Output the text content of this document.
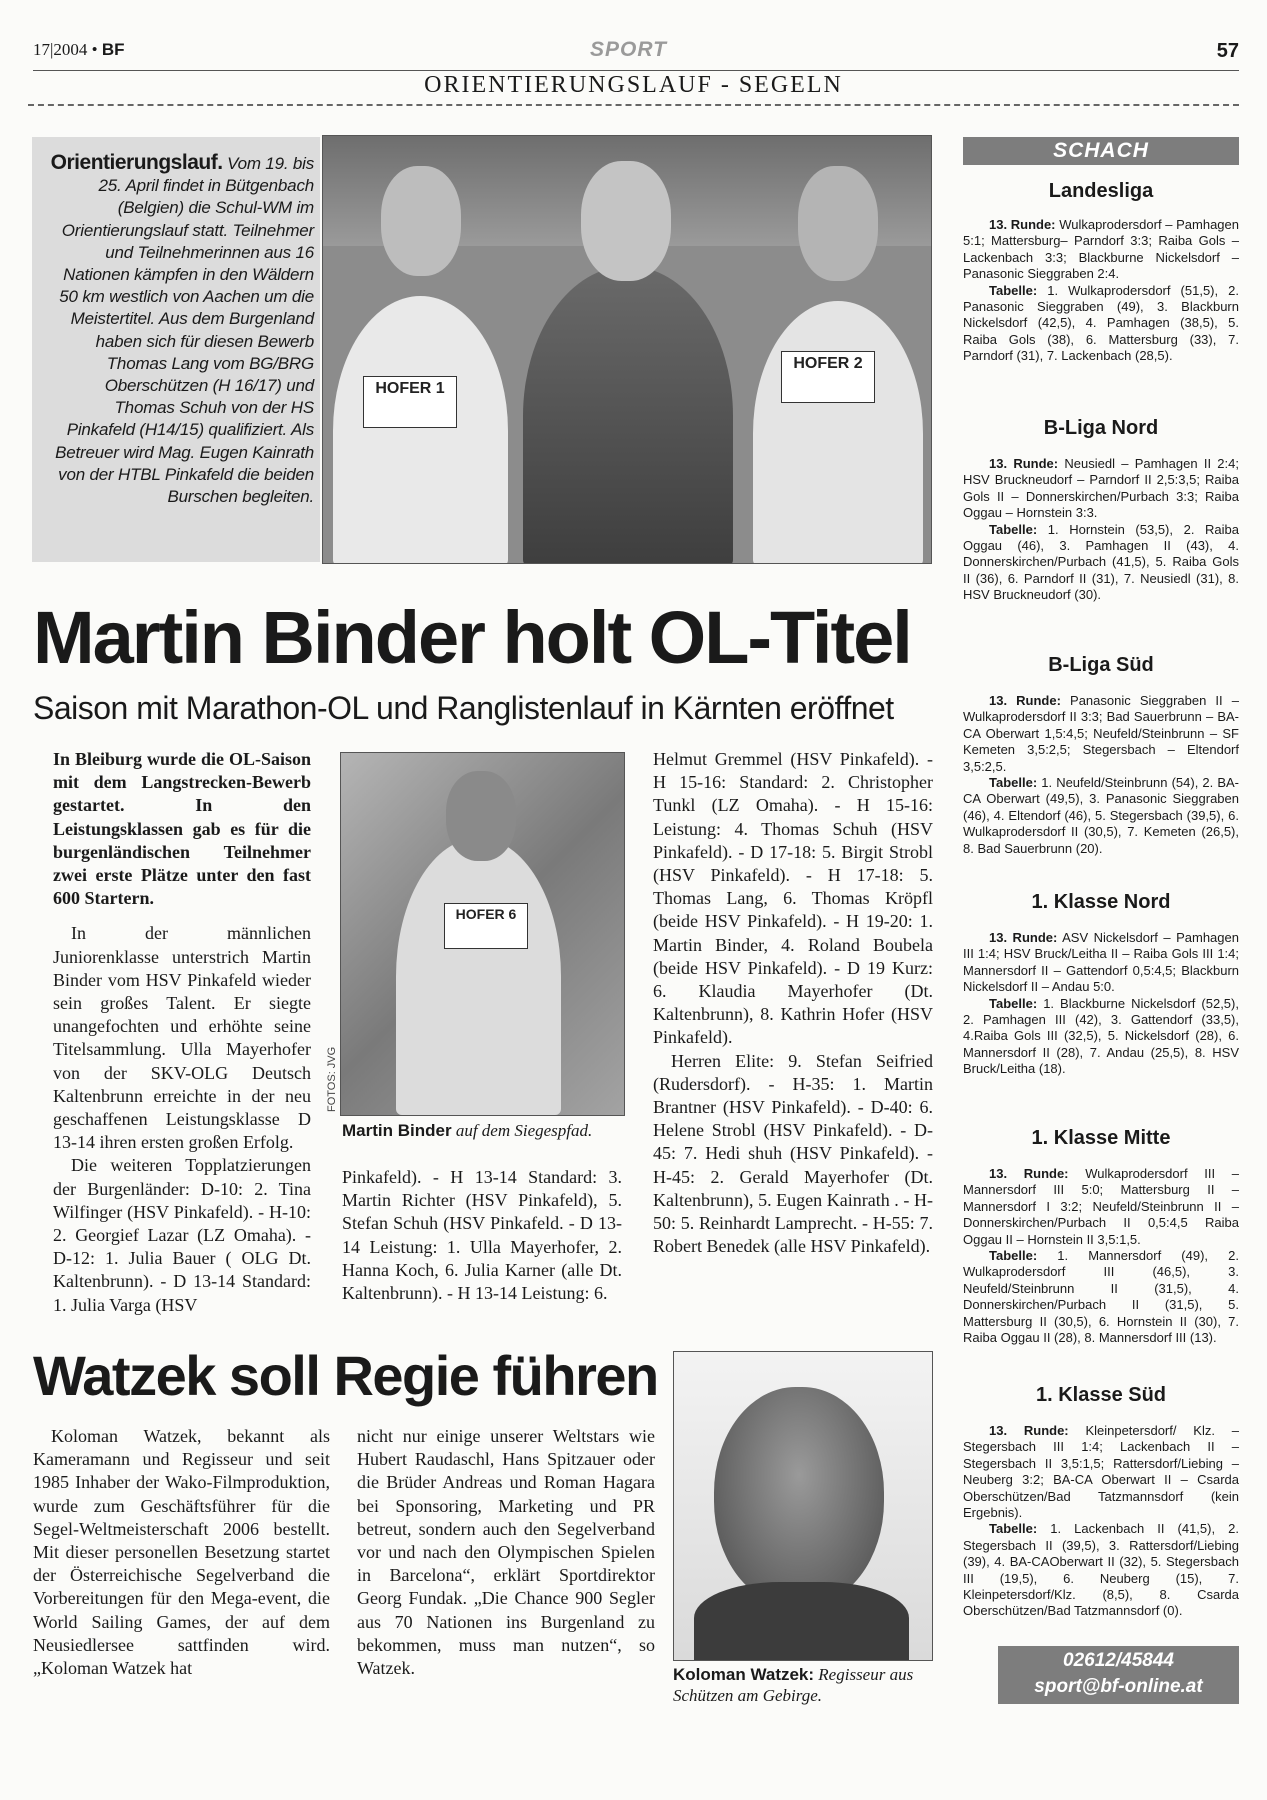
17|2004 • BF	SPORT	57
ORIENTIERUNGSLAUF - SEGELN
Orientierungslauf. Vom 19. bis 25. April findet in Bütgenbach (Belgien) die Schul-WM im Orientierungslauf statt. Teilnehmer und Teilnehmerinnen aus 16 Nationen kämpfen in den Wäldern 50 km westlich von Aachen um die Meistertitel. Aus dem Burgenland haben sich für diesen Bewerb Thomas Lang vom BG/BRG Oberschützen (H 16/17) und Thomas Schuh von der HS Pinkafeld (H14/15) qualifiziert. Als Betreuer wird Mag. Eugen Kainrath von der HTBL Pinkafeld die beiden Burschen begleiten.
HOFER 1
HOFER 2
Martin Binder holt OL-Titel
Saison mit Marathon-OL und Ranglistenlauf in Kärnten eröffnet

In Bleiburg wurde die OL-Saison mit dem Langstrecken-Bewerb gestartet. In den Leistungsklassen gab es für die burgenländischen Teilnehmer zwei erste Plätze unter den fast 600 Startern.

In der männlichen Juniorenklasse unterstrich Martin Binder vom HSV Pinkafeld wieder sein großes Talent. Er siegte unangefochten und erhöhte seine Titelsammlung. Ulla Mayerhofer von der SKV-OLG Deutsch Kaltenbrunn erreichte in der neu geschaffenen Leistungsklasse D 13-14 ihren ersten großen Erfolg.

Die weiteren Topplatzierungen der Burgenländer: D-10: 2. Tina Wilfinger (HSV Pinkafeld). - H-10: 2. Georgief Lazar (LZ Omaha). - D-12: 1. Julia Bauer ( OLG Dt. Kaltenbrunn). - D 13-14 Standard: 1. Julia Varga (HSV

HOFER 6
FOTOS: JVG
Martin Binder auf dem Siegespfad.

Pinkafeld). - H 13-14 Standard: 3. Martin Richter (HSV Pinkafeld), 5. Stefan Schuh (HSV Pinkafeld. - D 13-14 Leistung: 1. Ulla Mayerhofer, 2. Hanna Koch, 6. Julia Karner (alle Dt. Kaltenbrunn). - H 13-14 Leistung: 6.

Helmut Gremmel (HSV Pinkafeld). - H 15-16: Standard: 2. Christopher Tunkl (LZ Omaha). - H 15-16: Leistung: 4. Thomas Schuh (HSV Pinkafeld). - D 17-18: 5. Birgit Strobl (HSV Pinkafeld). - H 17-18: 5. Thomas Lang, 6. Thomas Kröpfl (beide HSV Pinkafeld). - H 19-20: 1. Martin Binder, 4. Roland Boubela (beide HSV Pinkafeld). - D 19 Kurz: 6. Klaudia Mayerhofer (Dt. Kaltenbrunn), 8. Kathrin Hofer (HSV Pinkafeld).

Herren Elite: 9. Stefan Seifried (Rudersdorf). - H-35: 1. Martin Brantner (HSV Pinkafeld). - D-40: 6. Helene Strobl (HSV Pinkafeld). - D-45: 7. Hedi shuh (HSV Pinkafeld). - H-45: 2. Gerald Mayerhofer (Dt. Kaltenbrunn), 5. Eugen Kainrath . - H-50: 5. Reinhardt Lamprecht. - H-55: 7. Robert Benedek (alle HSV Pinkafeld).

Watzek soll Regie führen

Koloman Watzek, bekannt als Kameramann und Regisseur und seit 1985 Inhaber der Wako-Filmproduktion, wurde zum Geschäftsführer für die Segel-Weltmeisterschaft 2006 bestellt. Mit dieser personellen Besetzung startet der Österreichische Segelverband die Vorbereitungen für den Mega-event, die World Sailing Games, der auf dem Neusiedlersee sattfinden wird. „Koloman Watzek hat

nicht nur einige unserer Weltstars wie Hubert Raudaschl, Hans Spitzauer oder die Brüder Andreas und Roman Hagara bei Sponsoring, Marketing und PR betreut, sondern auch den Segelverband vor und nach den Olympischen Spielen in Barcelona“, erklärt Sportdirektor Georg Fundak. „Die Chance 900 Segler aus 70 Nationen ins Burgenland zu bekommen, muss man nutzen“, so Watzek.	Koloman Watzek: Regisseur aus Schützen am Gebirge.
SCHACH
Landesliga

13. Runde: Wulkaprodersdorf – Pamhagen 5:1; Mattersburg– Parndorf 3:3; Raiba Gols – Lackenbach 3:3; Blackburne Nickelsdorf – Panasonic Sieggraben 2:4.

Tabelle: 1. Wulkaprodersdorf (51,5), 2. Panasonic Sieggraben (49), 3. Blackburn Nickelsdorf (42,5), 4. Pamhagen (38,5), 5. Raiba Gols (38), 6. Mattersburg (33), 7. Parndorf (31), 7. Lackenbach (28,5).

B-Liga Nord

13. Runde: Neusiedl – Pamhagen II 2:4; HSV Bruckneudorf – Parndorf II 2,5:3,5; Raiba Gols II – Donnerskirchen/Purbach 3:3; Raiba Oggau – Hornstein 3:3.

Tabelle: 1. Hornstein (53,5), 2. Raiba Oggau (46), 3. Pamhagen II (43), 4. Donnerskirchen/Purbach (41,5), 5. Raiba Gols II (36), 6. Parndorf II (31), 7. Neusiedl (31), 8. HSV Bruckneudorf (30).

B-Liga Süd

13. Runde: Panasonic Sieggraben II – Wulkaprodersdorf II 3:3; Bad Sauerbrunn – BA-CA Oberwart 1,5:4,5; Neufeld/Steinbrunn – SF Kemeten 3,5:2,5; Stegersbach – Eltendorf 3,5:2,5.

Tabelle: 1. Neufeld/Steinbrunn (54), 2. BA-CA Oberwart (49,5), 3. Panasonic Sieggraben (46), 4. Eltendorf (46), 5. Stegersbach (39,5), 6. Wulkaprodersdorf II (30,5), 7. Kemeten (26,5), 8. Bad Sauerbrunn (20).

1. Klasse Nord

13. Runde: ASV Nickelsdorf – Pamhagen III 1:4; HSV Bruck/Leitha II – Raiba Gols III 1:4; Mannersdorf II – Gattendorf 0,5:4,5; Blackburn Nickelsdorf II – Andau 5:0.

Tabelle: 1. Blackburne Nickelsdorf (52,5), 2. Pamhagen III (42), 3. Gattendorf (33,5), 4.Raiba Gols III (32,5), 5. Nickelsdorf (28), 6. Mannersdorf II (28), 7. Andau (25,5), 8. HSV Bruck/Leitha (18).

1. Klasse Mitte

13. Runde: Wulkaprodersdorf III – Mannersdorf III 5:0; Mattersburg II – Mannersdorf I 3:2; Neufeld/Steinbrunn II – Donnerskirchen/Purbach II 0,5:4,5 Raiba Oggau II – Hornstein II 3,5:1,5.

Tabelle: 1. Mannersdorf (49), 2. Wulkaprodersdorf III (46,5), 3. Neufeld/Steinbrunn II (31,5), 4. Donnerskirchen/Purbach II (31,5), 5. Mattersburg II (30,5), 6. Hornstein II (30), 7. Raiba Oggau II (28), 8. Mannersdorf III (13).

1. Klasse Süd

13. Runde: Kleinpetersdorf/ Klz. – Stegersbach III 1:4; Lackenbach II – Stegersbach II 3,5:1,5; Rattersdorf/Liebing – Neuberg 3:2; BA-CA Oberwart II – Csarda Oberschützen/Bad Tatzmannsdorf (kein Ergebnis).

Tabelle: 1. Lackenbach II (41,5), 2. Stegersbach II (39,5), 3. Rattersdorf/Liebing (39), 4. BA-CAOberwart II (32), 5. Stegersbach III (19,5), 6. Neuberg (15), 7. Kleinpetersdorf/Klz. (8,5), 8. Csarda Oberschützen/Bad Tatzmannsdorf (0).

02612/45844
sport@bf-online.at
